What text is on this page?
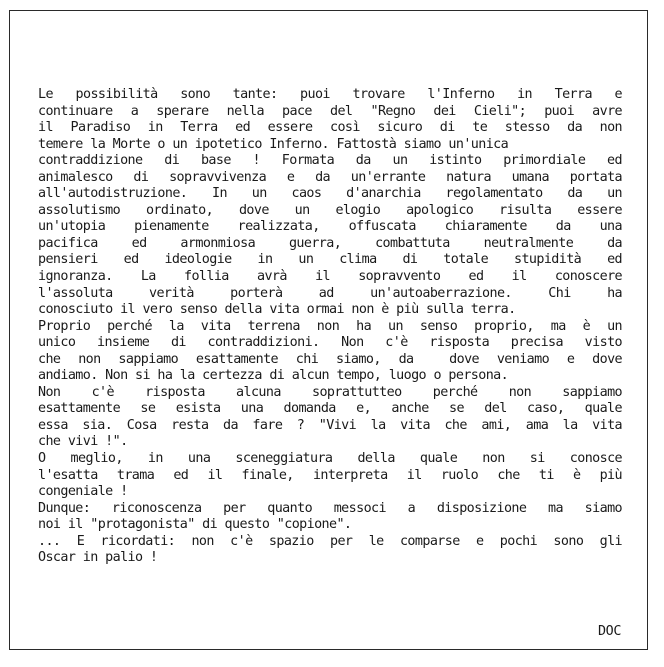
Le possibilità sono tante: puoi trovare l'Inferno in Terra e
continuare a sperare nella pace del "Regno dei Cieli"; puoi avre
il Paradiso in Terra ed essere così sicuro di te stesso da non
temere la Morte o un ipotetico Inferno. Fattostà siamo un'unica
contraddizione di base ! Formata da un istinto primordiale ed
animalesco di sopravvivenza e da un'errante natura umana portata
all'autodistruzione. In un caos d'anarchia regolamentato da un
assolutismo ordinato, dove un elogio apologico risulta essere
un'utopia pienamente realizzata, offuscata chiaramente da una
pacifica ed armonmiosa guerra, combattuta neutralmente da
pensieri ed ideologie in un clima di totale stupidità ed
ignoranza. La follia avrà il sopravvento ed il conoscere
l'assoluta verità porterà ad un'autoaberrazione. Chi ha
conosciuto il vero senso della vita ormai non è più sulla terra.
Proprio perché la vita terrena non ha un senso proprio, ma è un
unico insieme di contraddizioni. Non c'è risposta precisa visto
che non sappiamo esattamente chi siamo, da  dove veniamo e dove
andiamo. Non si ha la certezza di alcun tempo, luogo o persona.
Non c'è risposta alcuna soprattutteo perché non sappiamo
esattamente se esista una domanda e, anche se del caso, quale
essa sia. Cosa resta da fare ? "Vivi la vita che ami, ama la vita
che vivi !".
O meglio, in una sceneggiatura della quale non si conosce
l'esatta trama ed il finale, interpreta il ruolo che ti è più
congeniale !
Dunque: riconoscenza per quanto messoci a disposizione ma siamo
noi il "protagonista" di questo "copione".
... E ricordati: non c'è spazio per le comparse e pochi sono gli
Oscar in palio !
DOC
